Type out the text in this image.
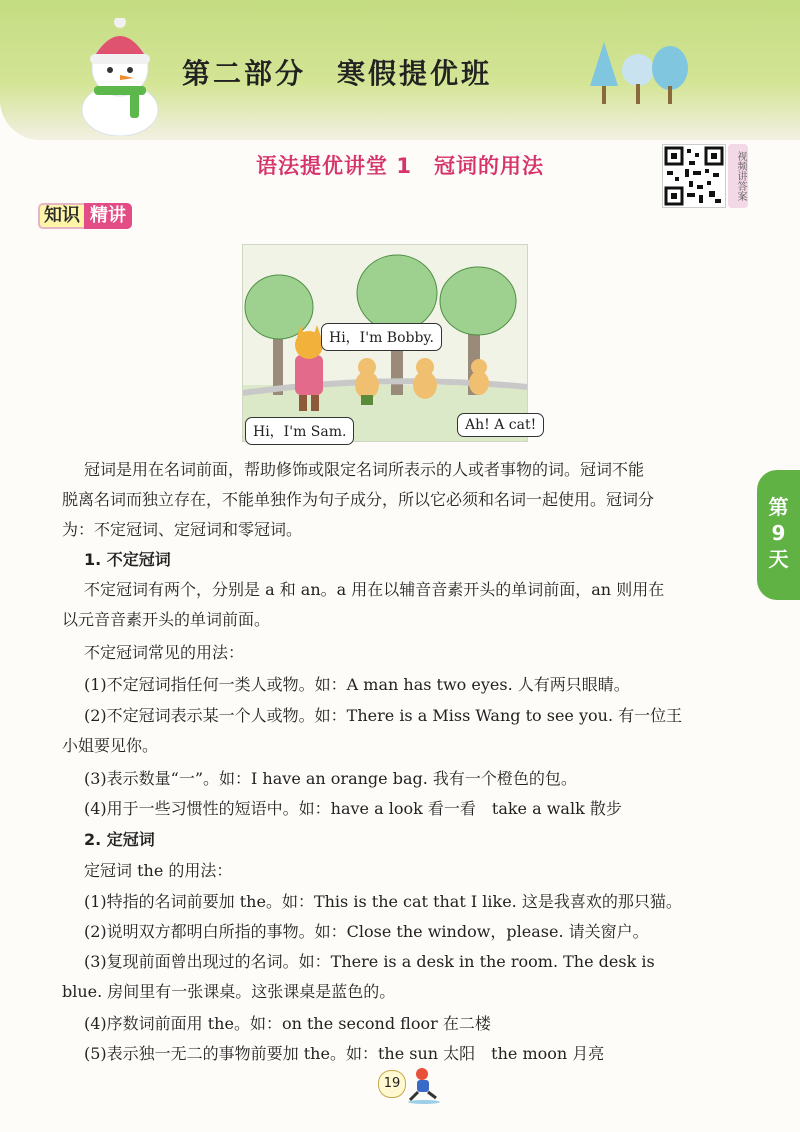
第二部分　寒假提优班
语法提优讲堂 1　冠词的用法	视频讲答案
知识 精讲
Hi，I'm Bobby.
Hi，I'm Sam.	Ah! A cat!
第
9
天
冠词是用在名词前面，帮助修饰或限定名词所表示的人或者事物的词。冠词不能
脱离名词而独立存在，不能单独作为句子成分，所以它必须和名词一起使用。冠词分
为：不定冠词、定冠词和零冠词。
1. 不定冠词
不定冠词有两个，分别是 a 和 an。a 用在以辅音音素开头的单词前面，an 则用在
以元音音素开头的单词前面。
不定冠词常见的用法：
(1)不定冠词指任何一类人或物。如：A man has two eyes. 人有两只眼睛。
(2)不定冠词表示某一个人或物。如：There is a Miss Wang to see you. 有一位王
小姐要见你。
(3)表示数量“一”。如：I have an orange bag. 我有一个橙色的包。
(4)用于一些习惯性的短语中。如：have a look 看一看　take a walk 散步
2. 定冠词
定冠词 the 的用法：
(1)特指的名词前要加 the。如：This is the cat that I like. 这是我喜欢的那只猫。
(2)说明双方都明白所指的事物。如：Close the window，please. 请关窗户。
(3)复现前面曾出现过的名词。如：There is a desk in the room. The desk is
blue. 房间里有一张课桌。这张课桌是蓝色的。
(4)序数词前面用 the。如：on the second floor 在二楼
(5)表示独一无二的事物前要加 the。如：the sun 太阳　the moon 月亮
19
